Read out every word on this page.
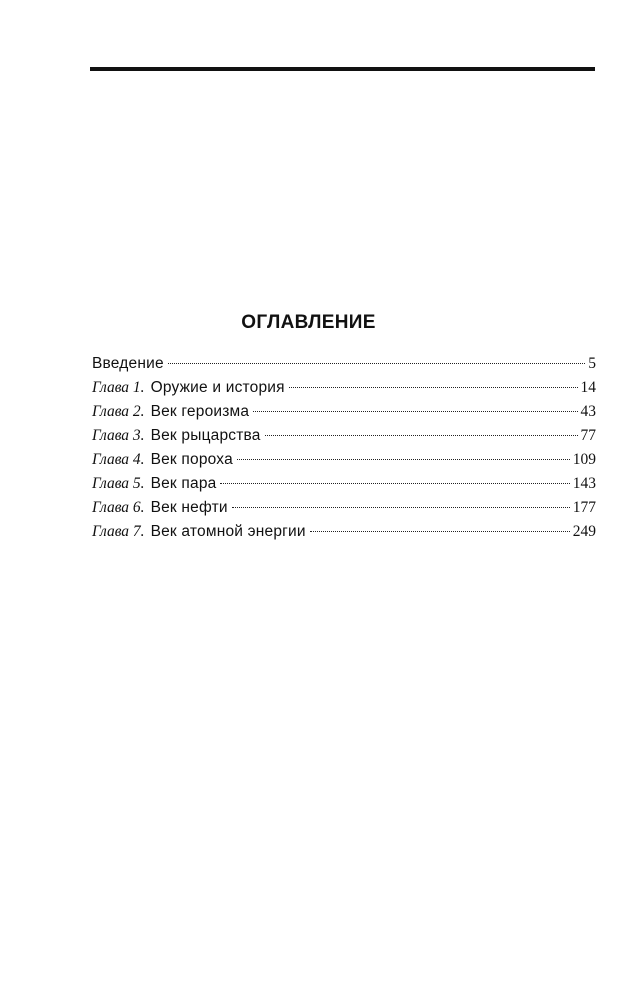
ОГЛАВЛЕНИЕ
Введение	5
Глава 1. Оружие и история	14
Глава 2. Век героизма	43
Глава 3. Век рыцарства	77
Глава 4. Век пороха	109
Глава 5. Век пара	143
Глава 6. Век нефти	177
Глава 7. Век атомной энергии	249
